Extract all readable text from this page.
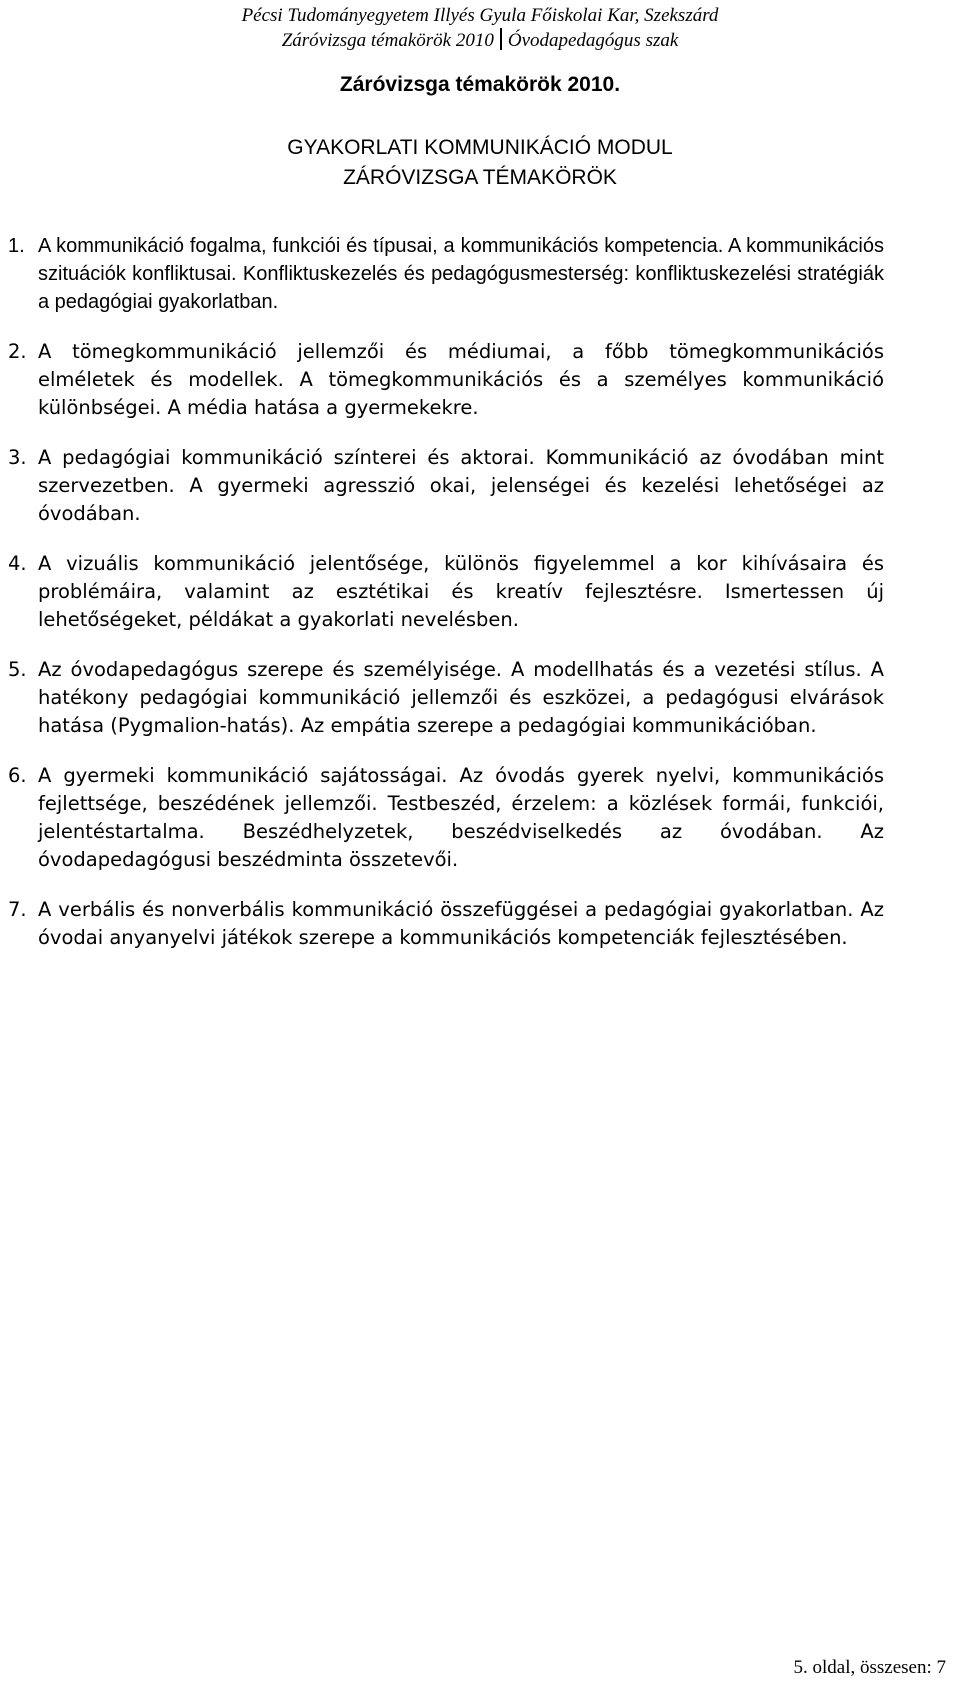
Pécsi Tudományegyetem Illyés Gyula Főiskolai Kar, Szekszárd
Záróvizsga témakörök 2010 Óvodapedagógus szak
Záróvizsga témakörök 2010.
GYAKORLATI KOMMUNIKÁCIÓ MODUL
ZÁRÓVIZSGA TÉMAKÖRÖK
1. A kommunikáció fogalma, funkciói és típusai, a kommunikációs kompetencia. A kommunikációs szituációk konfliktusai. Konfliktuskezelés és pedagógusmesterség: konfliktuskezelési stratégiák a pedagógiai gyakorlatban.
2. A tömegkommunikáció jellemzői és médiumai, a főbb tömegkommunikációs elméletek és modellek. A tömegkommunikációs és a személyes kommunikáció különbségei. A média hatása a gyermekekre.
3. A pedagógiai kommunikáció színterei és aktorai. Kommunikáció az óvodában mint szervezetben. A gyermeki agresszió okai, jelenségei és kezelési lehetőségei az óvodában.
4. A vizuális kommunikáció jelentősége, különös figyelemmel a kor kihívásaira és problémáira, valamint az esztétikai és kreatív fejlesztésre. Ismertessen új lehetőségeket, példákat a gyakorlati nevelésben.
5. Az óvodapedagógus szerepe és személyisége. A modellhatás és a vezetési stílus. A hatékony pedagógiai kommunikáció jellemzői és eszközei, a pedagógusi elvárások hatása (Pygmalion-hatás). Az empátia szerepe a pedagógiai kommunikációban.
6. A gyermeki kommunikáció sajátosságai. Az óvodás gyerek nyelvi, kommunikációs fejlettsége, beszédének jellemzői. Testbeszéd, érzelem: a közlések formái, funkciói, jelentéstartalma. Beszédhelyzetek, beszédviselkedés az óvodában. Az óvodapedagógusi beszédminta összetevői.
7. A verbális és nonverbális kommunikáció összefüggései a pedagógiai gyakorlatban. Az óvodai anyanyelvi játékok szerepe a kommunikációs kompetenciák fejlesztésében.
5. oldal, összesen: 7
